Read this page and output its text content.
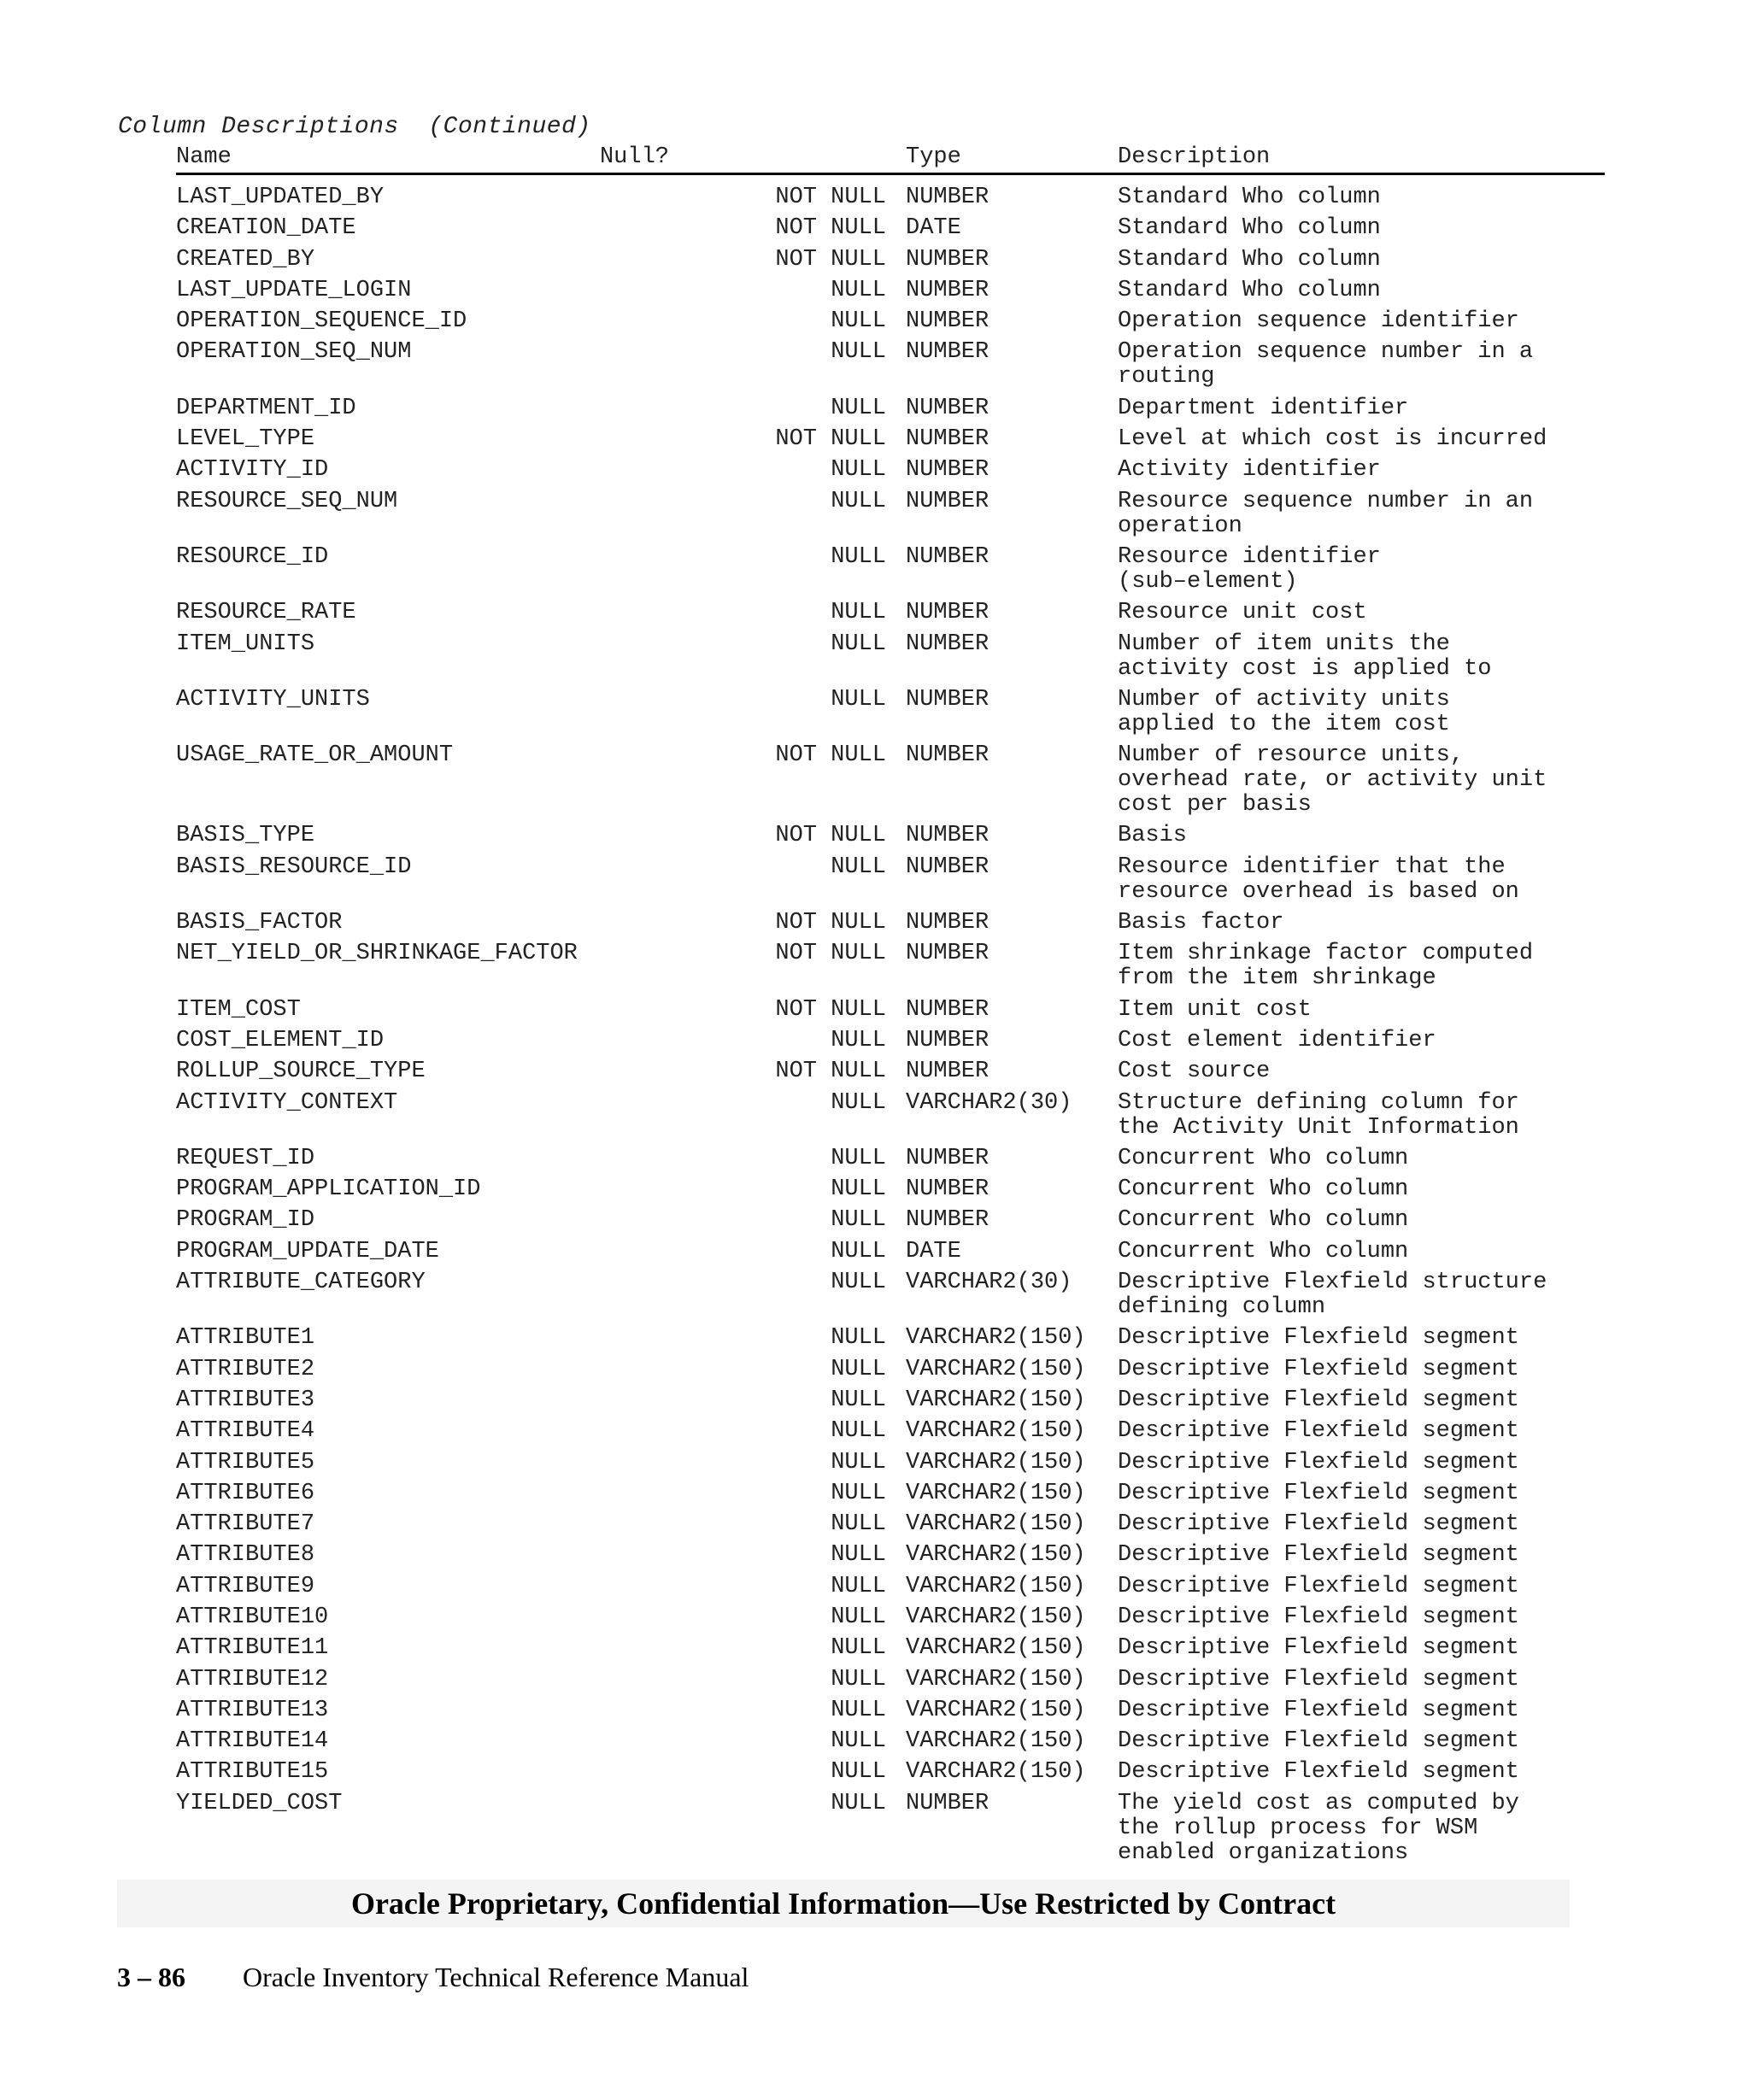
Column Descriptions  (Continued)
Name	Null?	Type	Description
LAST_UPDATED_BY	NOT NULL NUMBER	Standard Who column
CREATION_DATE	NOT NULL DATE	Standard Who column
CREATED_BY	NOT NULL NUMBER	Standard Who column
LAST_UPDATE_LOGIN	NULL NUMBER	Standard Who column
OPERATION_SEQUENCE_ID	NULL NUMBER	Operation sequence identifier
OPERATION_SEQ_NUM	NULL NUMBER	Operation sequence number in a
routing
DEPARTMENT_ID	NULL NUMBER	Department identifier
LEVEL_TYPE	NOT NULL NUMBER	Level at which cost is incurred
ACTIVITY_ID	NULL NUMBER	Activity identifier
RESOURCE_SEQ_NUM	NULL NUMBER	Resource sequence number in an
operation
RESOURCE_ID	NULL NUMBER	Resource identifier
(sub–element)
RESOURCE_RATE	NULL NUMBER	Resource unit cost
ITEM_UNITS	NULL NUMBER	Number of item units the
activity cost is applied to
ACTIVITY_UNITS	NULL NUMBER	Number of activity units
applied to the item cost
USAGE_RATE_OR_AMOUNT	NOT NULL NUMBER	Number of resource units,
overhead rate, or activity unit
cost per basis
BASIS_TYPE	NOT NULL NUMBER	Basis
BASIS_RESOURCE_ID	NULL NUMBER	Resource identifier that the
resource overhead is based on
BASIS_FACTOR	NOT NULL NUMBER	Basis factor
NET_YIELD_OR_SHRINKAGE_FACTOR	NOT NULL NUMBER	Item shrinkage factor computed
from the item shrinkage
ITEM_COST	NOT NULL NUMBER	Item unit cost
COST_ELEMENT_ID	NULL NUMBER	Cost element identifier
ROLLUP_SOURCE_TYPE	NOT NULL NUMBER	Cost source
ACTIVITY_CONTEXT	NULL VARCHAR2(30)	Structure defining column for
the Activity Unit Information
REQUEST_ID	NULL NUMBER	Concurrent Who column
PROGRAM_APPLICATION_ID	NULL NUMBER	Concurrent Who column
PROGRAM_ID	NULL NUMBER	Concurrent Who column
PROGRAM_UPDATE_DATE	NULL DATE	Concurrent Who column
ATTRIBUTE_CATEGORY	NULL VARCHAR2(30)	Descriptive Flexfield structure
defining column
ATTRIBUTE1	NULL VARCHAR2(150)	Descriptive Flexfield segment
ATTRIBUTE2	NULL VARCHAR2(150)	Descriptive Flexfield segment
ATTRIBUTE3	NULL VARCHAR2(150)	Descriptive Flexfield segment
ATTRIBUTE4	NULL VARCHAR2(150)	Descriptive Flexfield segment
ATTRIBUTE5	NULL VARCHAR2(150)	Descriptive Flexfield segment
ATTRIBUTE6	NULL VARCHAR2(150)	Descriptive Flexfield segment
ATTRIBUTE7	NULL VARCHAR2(150)	Descriptive Flexfield segment
ATTRIBUTE8	NULL VARCHAR2(150)	Descriptive Flexfield segment
ATTRIBUTE9	NULL VARCHAR2(150)	Descriptive Flexfield segment
ATTRIBUTE10	NULL VARCHAR2(150)	Descriptive Flexfield segment
ATTRIBUTE11	NULL VARCHAR2(150)	Descriptive Flexfield segment
ATTRIBUTE12	NULL VARCHAR2(150)	Descriptive Flexfield segment
ATTRIBUTE13	NULL VARCHAR2(150)	Descriptive Flexfield segment
ATTRIBUTE14	NULL VARCHAR2(150)	Descriptive Flexfield segment
ATTRIBUTE15	NULL VARCHAR2(150)	Descriptive Flexfield segment
YIELDED_COST	NULL NUMBER	The yield cost as computed by
the rollup process for WSM
enabled organizations
Oracle Proprietary, Confidential Information––Use Restricted by Contract
3 – 86 Oracle Inventory Technical Reference Manual
